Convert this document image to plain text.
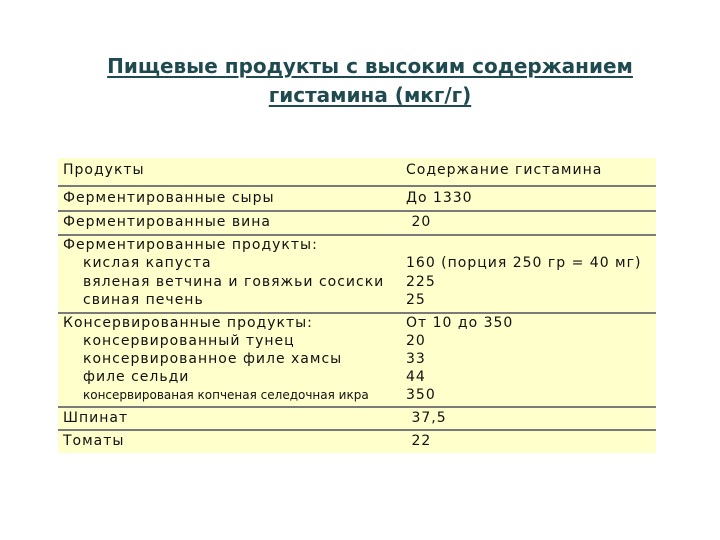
Пищевые продукты с высоким содержанием
гистамина (мкг/г)
Продукты	Содержание гистамина
Ферментированные сыры	До 1330
Ферментированные вина	20
Ферментированные продукты:
кислая капуста	160 (порция 250 гр = 40 мг)
вяленая ветчина и говяжьи сосиски 225
свиная печень	25
Консервированные продукты:	От 10 до 350
консервированный тунец	20
консервированное филе хамсы	33
филе сельди	44
консервированая копченая селедочная икра	350
Шпинат	37,5
Томаты	22
